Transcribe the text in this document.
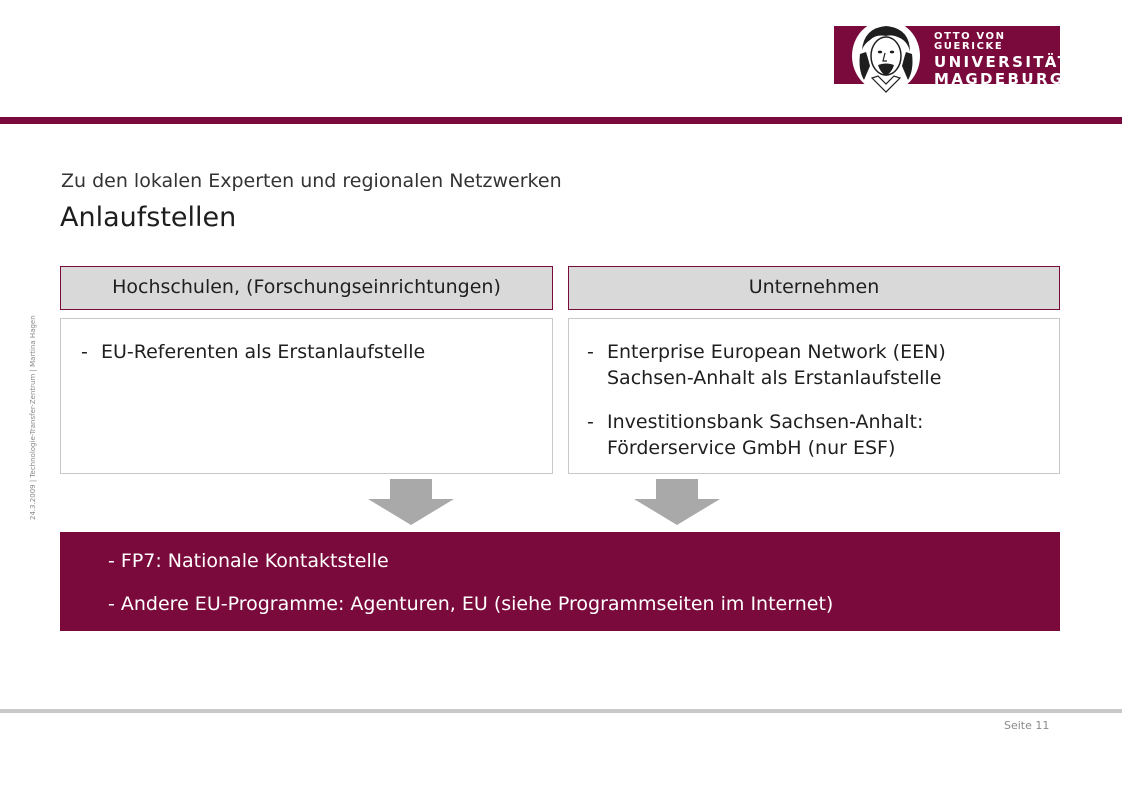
OTTO VON GUERICKE
UNIVERSITÄT
MAGDEBURG
24.3.2009 | Technologie-Transfer-Zentrum | Martina Hagen
Zu den lokalen Experten und regionalen Netzwerken
Anlaufstellen
Hochschulen, (Forschungseinrichtungen)
- EU-Referenten als Erstanlaufstelle
Unternehmen
- Enterprise European Network (EEN)
Sachsen-Anhalt als Erstanlaufstelle
- Investitionsbank Sachsen-Anhalt:
Förderservice GmbH (nur ESF)
- FP7: Nationale Kontaktstelle
- Andere EU-Programme: Agenturen, EU (siehe Programmseiten im Internet)
Seite 11
